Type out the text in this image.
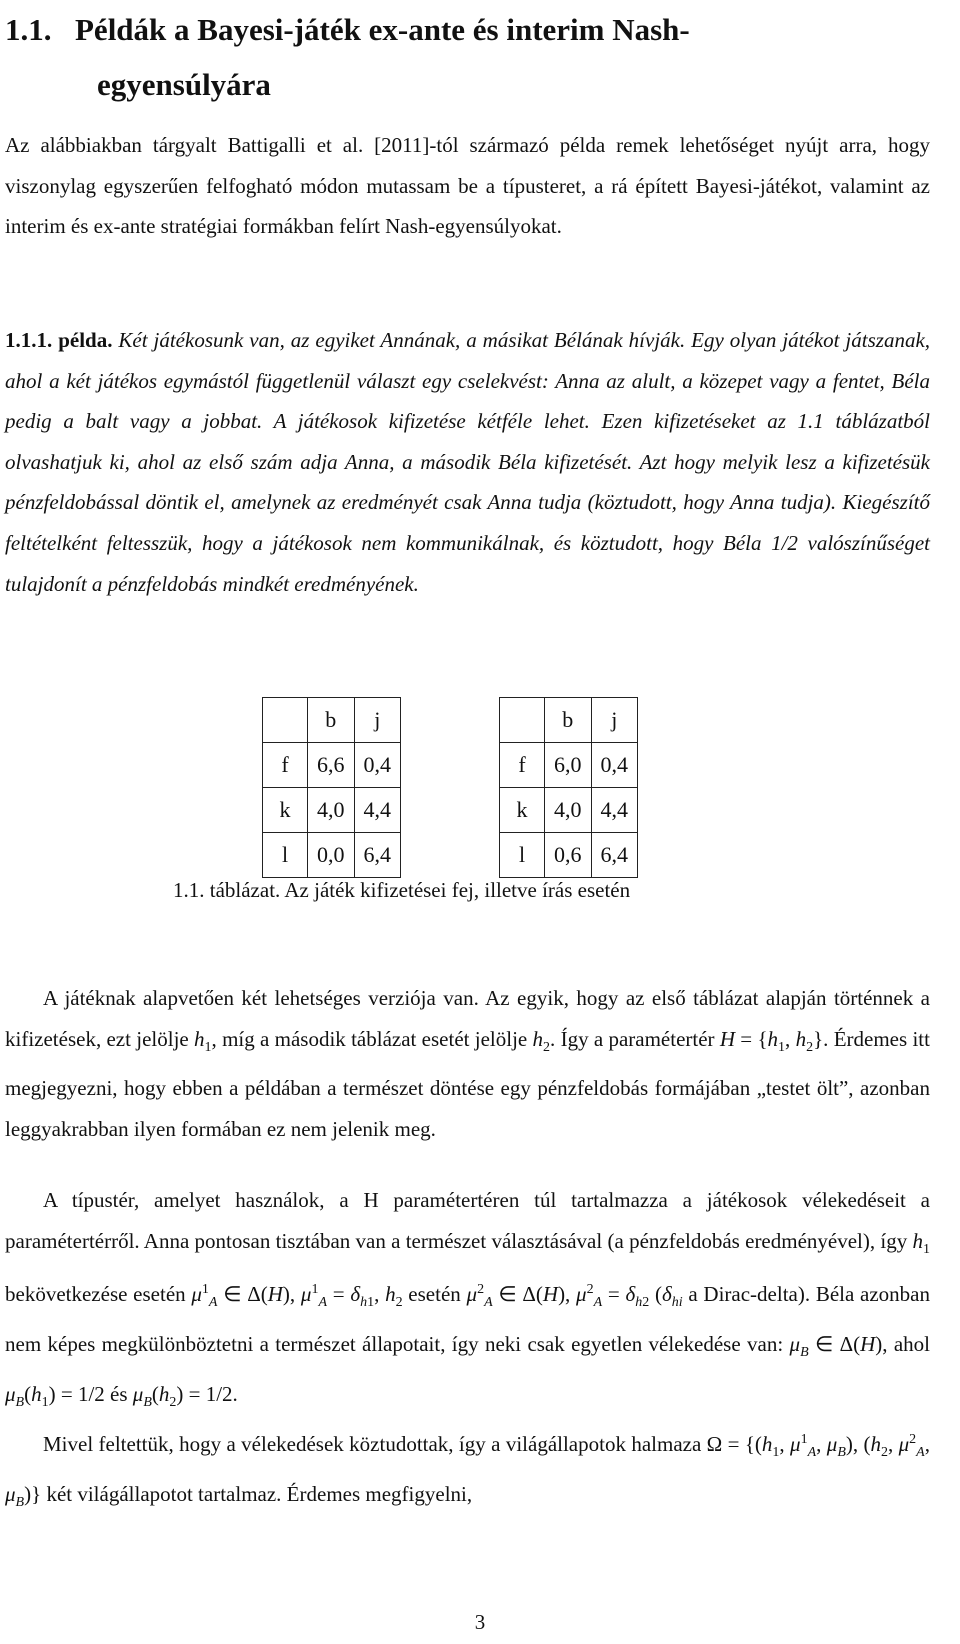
1.1. Példák a Bayesi-játék ex-ante és interim Nash-
egyensúlyára

Az alábbiakban tárgyalt Battigalli et al. [2011]-tól származó példa remek lehetőséget nyújt arra, hogy viszonylag egyszerűen felfogható módon mutassam be a típusteret, a rá épített Bayesi-játékot, valamint az interim és ex-ante stratégiai formákban felírt Nash-egyensúlyokat.

1.1.1. példa. Két játékosunk van, az egyiket Annának, a másikat Bélának hívják. Egy olyan játékot játszanak, ahol a két játékos egymástól függetlenül választ egy cselekvést: Anna az alult, a közepet vagy a fentet, Béla pedig a balt vagy a jobbat. A játékosok kifizetése kétféle lehet. Ezen kifizetéseket az 1.1 táblázatból olvashatjuk ki, ahol az első szám adja Anna, a második Béla kifizetését. Azt hogy melyik lesz a kifizetésük pénzfeldobással döntik el, amelynek az eredményét csak Anna tudja (köztudott, hogy Anna tudja). Kiegészítő feltételként feltesszük, hogy a játékosok nem kommunikálnak, és köztudott, hogy Béla 1/2 valószínűséget tulajdonít a pénzfeldobás mindkét eredményének.

	b	j
f	6,6	0,4
k	4,0	4,4
l	0,0	6,4
	b	j
f	6,0	0,4
k	4,0	4,4
l	0,6	6,4
1.1. táblázat. Az játék kifizetései fej, illetve írás esetén

A játéknak alapvetően két lehetséges verziója van. Az egyik, hogy az első táblázat alapján történnek a kifizetések, ezt jelölje $h_1$, míg a második táblázat esetét jelölje $h_2$. Így a paramétertér $H = \{h_1$, $h_2$}. Érdemes itt megjegyezni, hogy ebben a példában a természet döntése egy pénzfeldobás formájában „testet ölt”, azonban leggyakrabban ilyen formában ez nem jelenik meg.

A típustér, amelyet használok, a H paramétertéren túl tartalmazza a játékosok vélekedéseit a paramétertérről. Anna pontosan tisztában van a természet választásával (a pénzfeldobás eredményével), így $h_1$ bekövetkezése esetén $\mu^1_A$ ∈ Δ(H), $\mu^1_A = \delta_{h1}$, $h_2$ esetén $\mu^2_A$ ∈ Δ(H), $\mu^2_A = \delta_{h2}$ ($\delta_{hi}$ a Dirac-delta). Béla azonban nem képes megkülönböztetni a természet állapotait, így neki csak egyetlen vélekedése van: $\mu_B$ ∈ Δ(H), ahol $\mu_B(h_1) = 1/2$ és $\mu_B(h_2) = 1/2$.

Mivel feltettük, hogy a vélekedések köztudottak, így a világállapotok halmaza $\Omega = \{(h_1$, $\mu^1_A$, $\mu_B$), ($h_2$, $\mu^2_A$, $\mu_B$)} két világállapotot tartalmaz. Érdemes megfigyelni,

3
